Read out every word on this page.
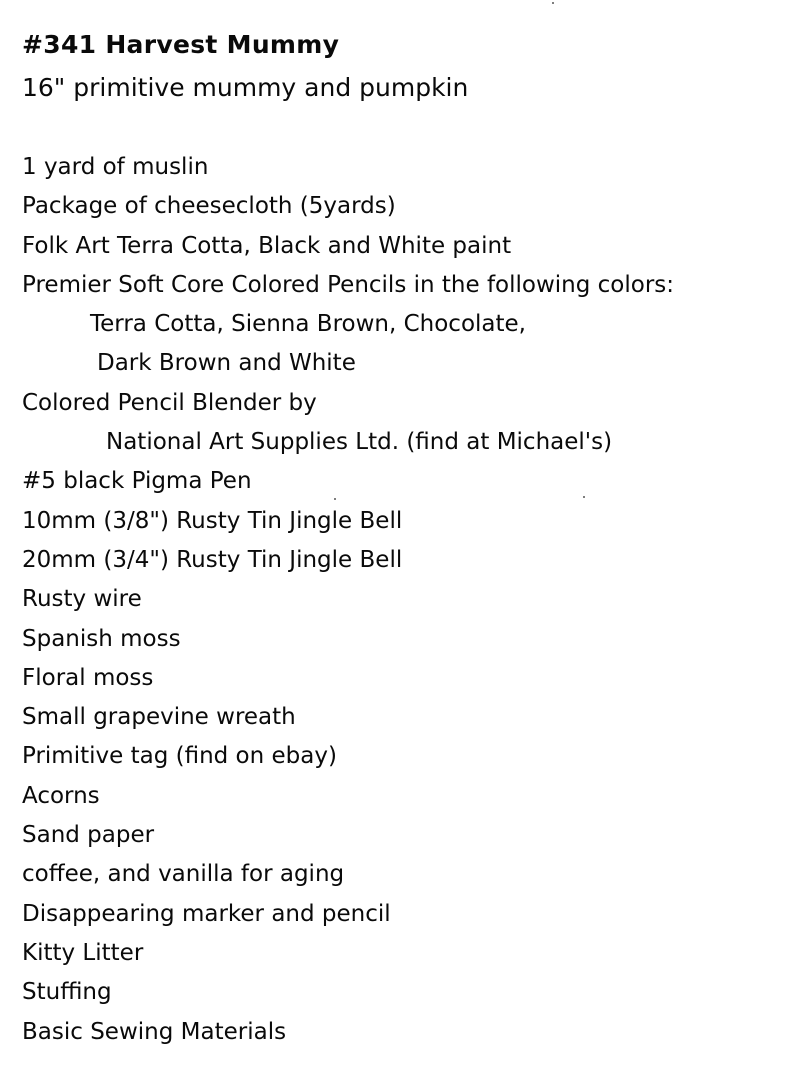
#341 Harvest Mummy
16" primitive mummy and pumpkin
1 yard of muslin
Package of cheesecloth (5yards)
Folk Art Terra Cotta, Black and White paint
Premier Soft Core Colored Pencils in the following colors:
Terra Cotta, Sienna Brown, Chocolate,
Dark Brown and White
Colored Pencil Blender by
National Art Supplies Ltd. (find at Michael's)
#5 black Pigma Pen
10mm (3/8") Rusty Tin Jingle Bell
20mm (3/4") Rusty Tin Jingle Bell
Rusty wire
Spanish moss
Floral moss
Small grapevine wreath
Primitive tag (find on ebay)
Acorns
Sand paper
coffee, and vanilla for aging
Disappearing marker and pencil
Kitty Litter
Stuffing
Basic Sewing Materials
